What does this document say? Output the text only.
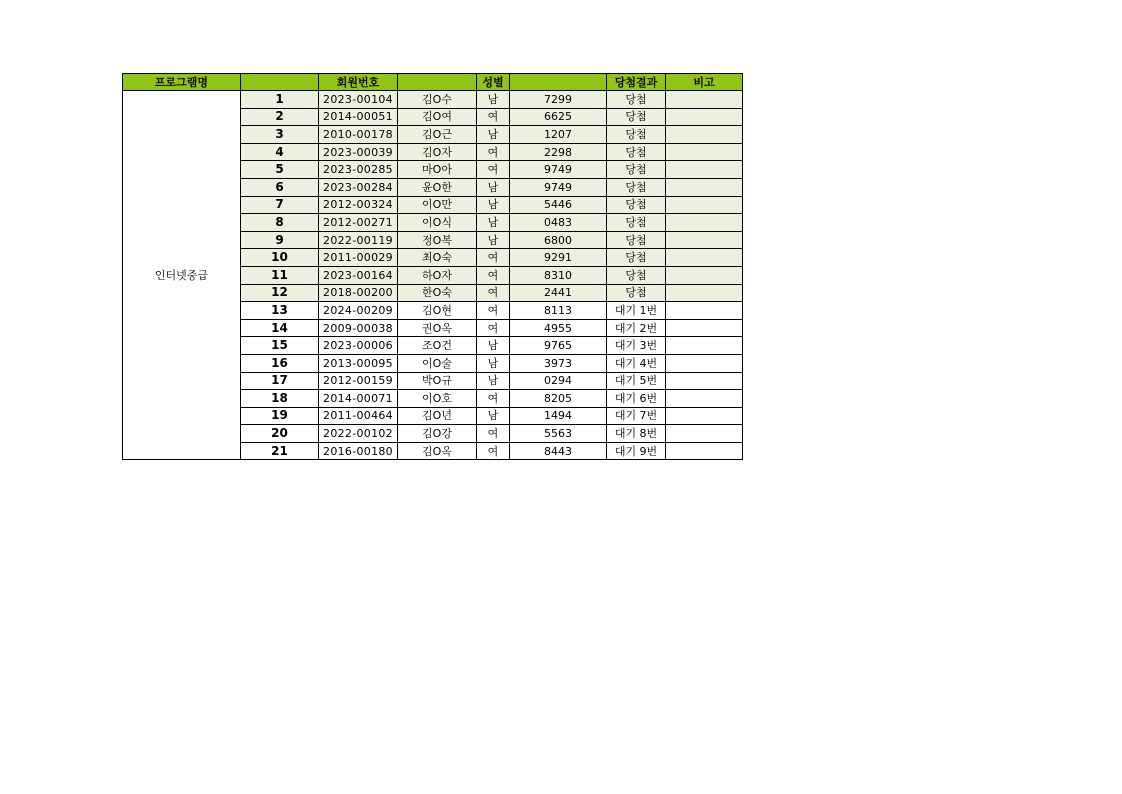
프로그램명		회원번호		성별		당첨결과	비고
인터넷중급	1	2023-00104	김O수	남	7299	당첨	
	2	2014-00051	김O여	여	6625	당첨	
	3	2010-00178	김O근	남	1207	당첨	
	4	2023-00039	김O자	여	2298	당첨	
	5	2023-00285	마O아	여	9749	당첨	
	6	2023-00284	윤O한	남	9749	당첨	
	7	2012-00324	이O만	남	5446	당첨	
	8	2012-00271	이O식	남	0483	당첨	
	9	2022-00119	정O복	남	6800	당첨	
	10	2011-00029	최O숙	여	9291	당첨	
	11	2023-00164	하O자	여	8310	당첨	
	12	2018-00200	한O숙	여	2441	당첨	
	13	2024-00209	김O현	여	8113	대기 1번	
	14	2009-00038	권O옥	여	4955	대기 2번	
	15	2023-00006	조O건	남	9765	대기 3번	
	16	2013-00095	이O술	남	3973	대기 4번	
	17	2012-00159	박O규	남	0294	대기 5번	
	18	2014-00071	이O호	여	8205	대기 6번	
	19	2011-00464	김O년	남	1494	대기 7번	
	20	2022-00102	김O강	여	5563	대기 8번	
	21	2016-00180	김O옥	여	8443	대기 9번	
